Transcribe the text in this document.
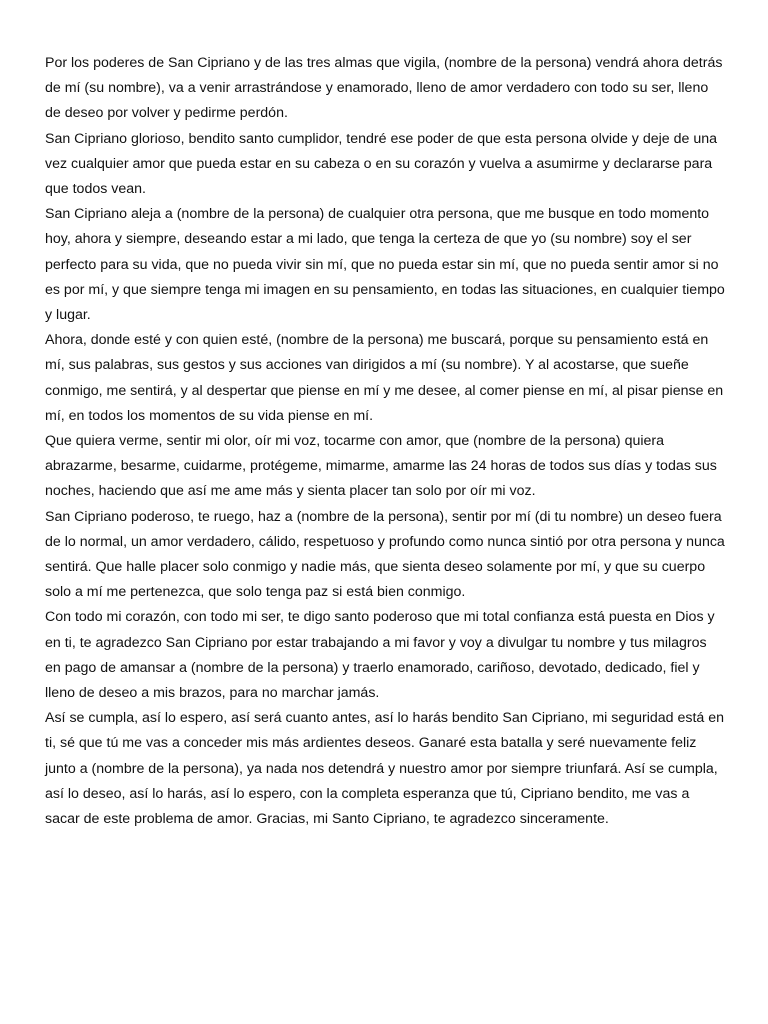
Por los poderes de San Cipriano y de las tres almas que vigila, (nombre de la persona) vendrá ahora detrás de mí (su nombre), va a venir arrastrándose y enamorado, lleno de amor verdadero con todo su ser, lleno de deseo por volver y pedirme perdón.

San Cipriano glorioso, bendito santo cumplidor, tendré ese poder de que esta persona olvide y deje de una vez cualquier amor que pueda estar en su cabeza o en su corazón y vuelva a asumirme y declararse para que todos vean.

San Cipriano aleja a (nombre de la persona) de cualquier otra persona, que me busque en todo momento hoy, ahora y siempre, deseando estar a mi lado, que tenga la certeza de que yo (su nombre) soy el ser perfecto para su vida, que no pueda vivir sin mí, que no pueda estar sin mí, que no pueda sentir amor si no es por mí, y que siempre tenga mi imagen en su pensamiento, en todas las situaciones, en cualquier tiempo y lugar.

Ahora, donde esté y con quien esté, (nombre de la persona) me buscará, porque su pensamiento está en mí, sus palabras, sus gestos y sus acciones van dirigidos a mí (su nombre). Y al acostarse, que sueñe conmigo, me sentirá, y al despertar que piense en mí y me desee, al comer piense en mí, al pisar piense en mí, en todos los momentos de su vida piense en mí.

Que quiera verme, sentir mi olor, oír mi voz, tocarme con amor, que (nombre de la persona) quiera abrazarme, besarme, cuidarme, protégeme, mimarme, amarme las 24 horas de todos sus días y todas sus noches, haciendo que así me ame más y sienta placer tan solo por oír mi voz.

San Cipriano poderoso, te ruego, haz a (nombre de la persona), sentir por mí (di tu nombre) un deseo fuera de lo normal, un amor verdadero, cálido, respetuoso y profundo como nunca sintió por otra persona y nunca sentirá. Que halle placer solo conmigo y nadie más, que sienta deseo solamente por mí, y que su cuerpo solo a mí me pertenezca, que solo tenga paz si está bien conmigo.

Con todo mi corazón, con todo mi ser, te digo santo poderoso que mi total confianza está puesta en Dios y en ti, te agradezco San Cipriano por estar trabajando a mi favor y voy a divulgar tu nombre y tus milagros en pago de amansar a (nombre de la persona) y traerlo enamorado, cariñoso, devotado, dedicado, fiel y lleno de deseo a mis brazos, para no marchar jamás.

Así se cumpla, así lo espero, así será cuanto antes, así lo harás bendito San Cipriano, mi seguridad está en ti, sé que tú me vas a conceder mis más ardientes deseos. Ganaré esta batalla y seré nuevamente feliz junto a (nombre de la persona), ya nada nos detendrá y nuestro amor por siempre triunfará. Así se cumpla, así lo deseo, así lo harás, así lo espero, con la completa esperanza que tú, Cipriano bendito, me vas a sacar de este problema de amor. Gracias, mi Santo Cipriano, te agradezco sinceramente.
